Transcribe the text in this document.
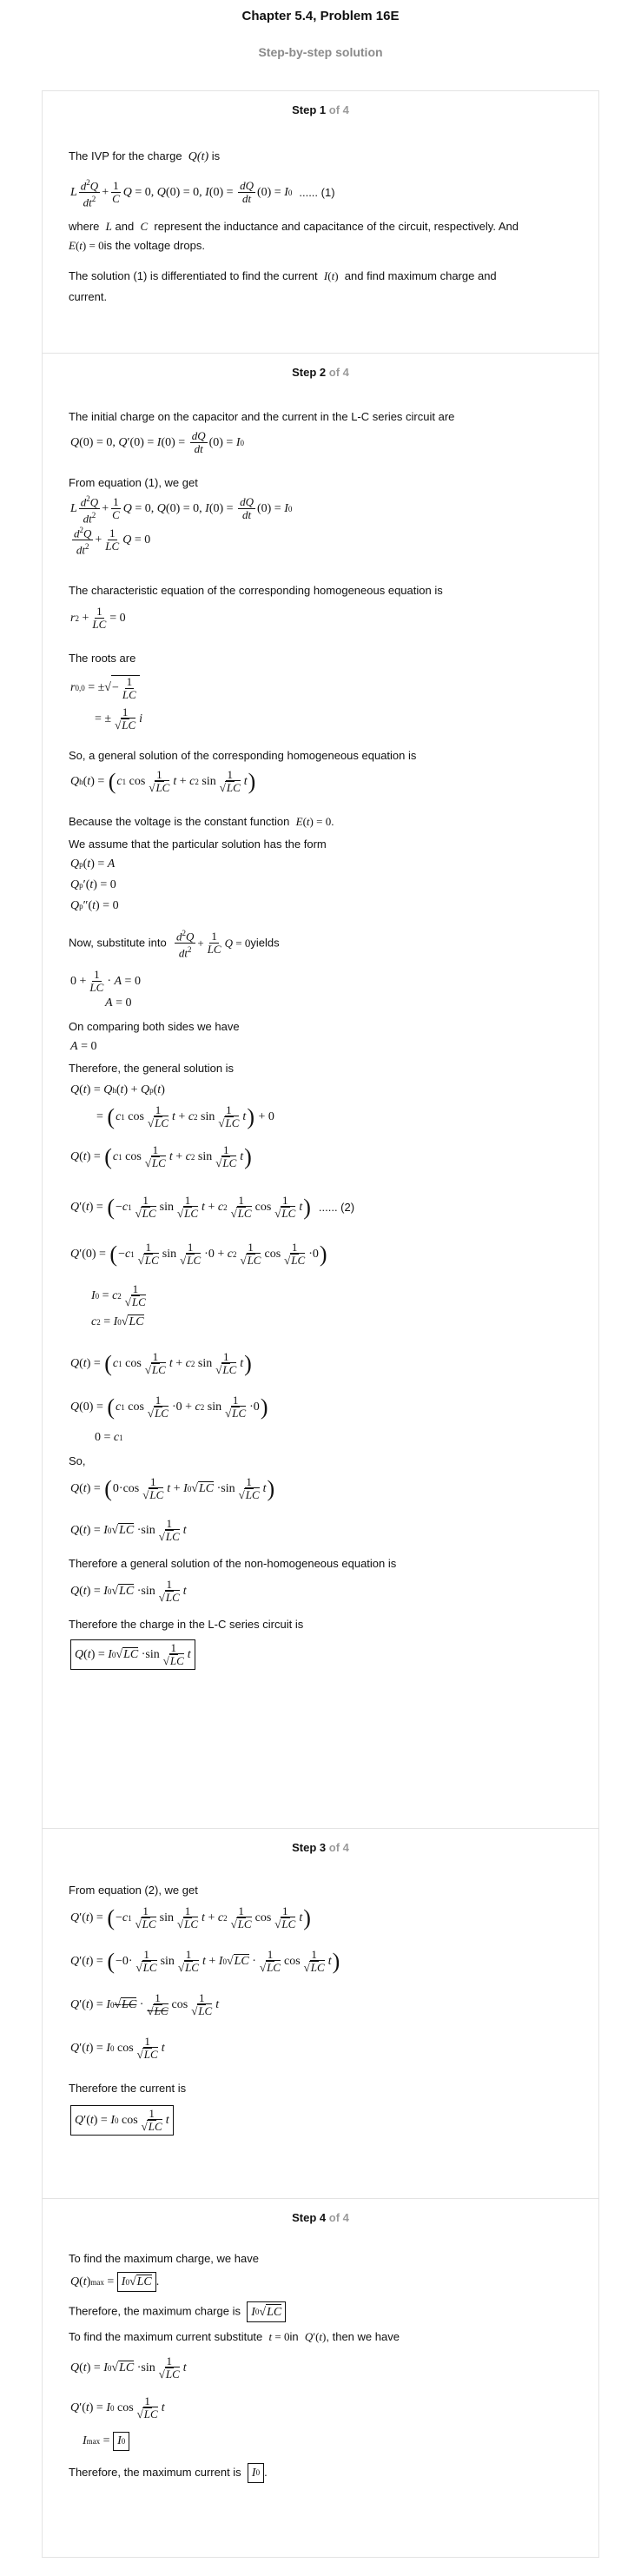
Chapter 5.4, Problem 16E
Step-by-step solution
Step 1 of 4
The IVP for the charge Q(t) is
L $\frac{d^2Q}{dt^2} + \frac{1}{C}$ Q = 0, Q (0) = 0, I $(0) = \frac{dQ}{dt} (0) = I$ 0 ...... (1)
where L and C represent the inductance and capacitance of the circuit, respectively. And
E(t) = 0is the voltage drops.
The solution (1) is differentiated to find the current I(t) and find maximum charge and
current.
Step 2 of 4
The initial charge on the capacitor and the current in the L-C series circuit are
Q (0) = 0, Q ′(0) = I $(0) = \frac{dQ}{dt} (0) = I$ 0
From equation (1), we get
L $\frac{d^2Q}{dt^2} + \frac{1}{C}$ Q = 0, Q (0) = 0, I $(0) = \frac{dQ}{dt} (0) = I$ 0
$\frac{d^2Q}{dt^2} + \frac{1}{LC}$ Q = 0
The characteristic equation of the corresponding homogeneous equation is
r $2 + \frac{1}{LC} = 0$
The roots are
r 0,0 = ± √ − $\frac{1}{LC}$
= ± $\frac{1}{√LC}$ i
So, a general solution of the corresponding homogeneous equation is
Q h ( t ) = ( c 1 $\cos \frac{1}{√LC}$ t + c 2 $\sin \frac{1}{√LC}$ t )
Because the voltage is the constant function E(t) = 0.
We assume that the particular solution has the form
Q p ( t ) = A
Q p ′( t ) = 0
Q p ″( t ) = 0
Now, substitute into $\frac{d^2Q}{dt^2} + \frac{1}{LC}$ Q = 0yields
$0 + \frac{1}{LC} \cdot A = 0$
A = 0
On comparing both sides we have
A = 0
Therefore, the general solution is
Q ( t ) = Q h ( t ) + Q p ( t )
= ( c 1 $\cos \frac{1}{√LC}$ t + c 2 $\sin \frac{1}{√LC}$ t ) + 0
Q ( t ) = ( c 1 $\cos \frac{1}{√LC}$ t + c 2 $\sin \frac{1}{√LC}$ t )
Q ′( t ) = ( − c $1 \frac{1}{√LC}$ $\sin \frac{1}{√LC}$ t + c $2 \frac{1}{√LC}$ $\cos \frac{1}{√LC}$ t ) ...... (2)
Q ′(0) = ( − c $1 \frac{1}{√LC}$ $\sin \frac{1}{√LC} \cdot 0 + c$ $2 \frac{1}{√LC}$ $\cos \frac{1}{√LC} \cdot 0$ )
I 0 = c $2 \frac{1}{√LC}$
c 2 = I 0 √ LC
Q ( t ) = ( c 1 $\cos \frac{1}{√LC}$ t + c 2 $\sin \frac{1}{√LC}$ t )
Q (0) = ( c 1 $\cos \frac{1}{√LC} \cdot 0 + c$ 2 $\sin \frac{1}{√LC} \cdot 0$ )
0 = c 1
So,
Q ( t ) = ( $0\cdot\cos \frac{1}{√LC}$ t + I 0 √ LC $\cdot\sin \frac{1}{√LC}$ t )
Q ( t ) = I 0 √ LC $\cdot\sin \frac{1}{√LC}$ t
Therefore a general solution of the non-homogeneous equation is
Q ( t ) = I 0 √ LC $\cdot\sin \frac{1}{√LC}$ t
Therefore the charge in the L-C series circuit is
Q ( t ) = I 0 √ LC $\cdot\sin \frac{1}{√LC}$ t
Step 3 of 4
From equation (2), we get
Q ′( t ) = ( − c $1 \frac{1}{√LC}$ $\sin \frac{1}{√LC}$ t + c $2 \frac{1}{√LC}$ $\cos \frac{1}{√LC}$ t )
Q ′( t ) = ( $-0\cdot \frac{1}{√LC}$ $\sin \frac{1}{√LC}$ t + I 0 √ LC · $\frac{1}{√LC}$ $\cos \frac{1}{√LC}$ t )
Q ′( t ) = I 0 $√LC \cdot \frac{1}{√LC}$ $\cos \frac{1}{√LC}$ t
Q ′( t ) = I 0 $\cos \frac{1}{√LC}$ t
Therefore the current is
Q ′( t ) = I 0 $\cos \frac{1}{√LC}$ t
Step 4 of 4
To find the maximum charge, we have
Q ( t ) max = I 0 √ LC .
Therefore, the maximum charge is I 0 √ LC
To find the maximum current substitute t = 0in Q′(t), then we have
Q ( t ) = I 0 √ LC $\cdot\sin \frac{1}{√LC}$ t
Q ′( t ) = I 0 $\cos \frac{1}{√LC}$ t
I max = I 0
Therefore, the maximum current is I 0 .
